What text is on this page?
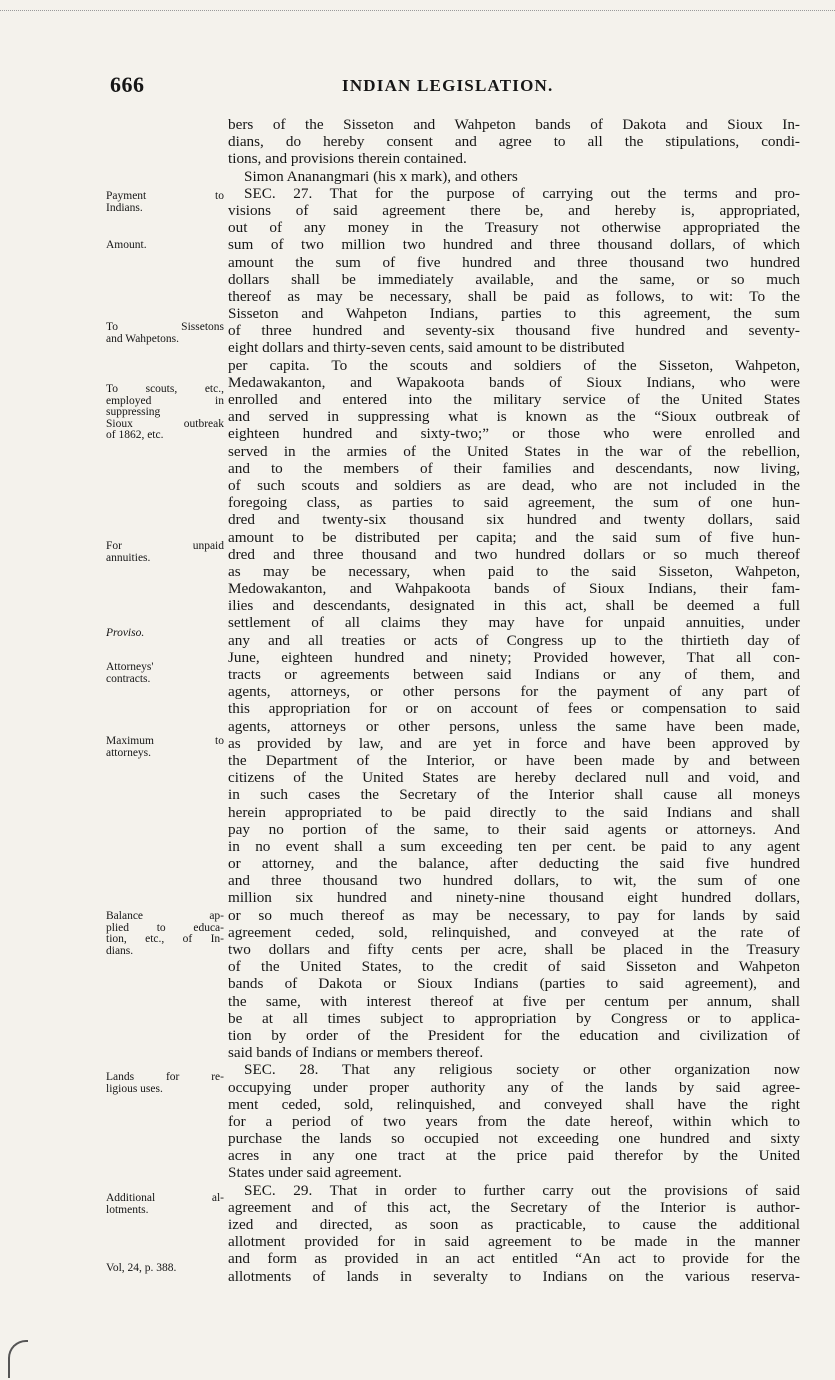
666	INDIAN LEGISLATION.
bers of the Sisseton and Wahpeton bands of Dakota and Sioux In-
dians, do hereby consent and agree to all the stipulations, condi-
tions, and provisions therein contained.
Simon Ananangmari (his x mark), and others
SEC. 27. That for the purpose of carrying out the terms and pro-
visions of said agreement there be, and hereby is, appropriated,
out of any money in the Treasury not otherwise appropriated the
sum of two million two hundred and three thousand dollars, of which
amount the sum of five hundred and three thousand two hundred
dollars shall be immediately available, and the same, or so much
thereof as may be necessary, shall be paid as follows, to wit: To the
Sisseton and Wahpeton Indians, parties to this agreement, the sum
of three hundred and seventy-six thousand five hundred and seventy-
eight dollars and thirty-seven cents, said amount to be distributed
per capita. To the scouts and soldiers of the Sisseton, Wahpeton,
Medawakanton, and Wapakoota bands of Sioux Indians, who were
enrolled and entered into the military service of the United States
and served in suppressing what is known as the “Sioux outbreak of
eighteen hundred and sixty-two;” or those who were enrolled and
served in the armies of the United States in the war of the rebellion,
and to the members of their families and descendants, now living,
of such scouts and soldiers as are dead, who are not included in the
foregoing class, as parties to said agreement, the sum of one hun-
dred and twenty-six thousand six hundred and twenty dollars, said
amount to be distributed per capita; and the said sum of five hun-
dred and three thousand and two hundred dollars or so much thereof
as may be necessary, when paid to the said Sisseton, Wahpeton,
Medowakanton, and Wahpakoota bands of Sioux Indians, their fam-
ilies and descendants, designated in this act, shall be deemed a full
settlement of all claims they may have for unpaid annuities, under
any and all treaties or acts of Congress up to the thirtieth day of
June, eighteen hundred and ninety; Provided however, That all con-
tracts or agreements between said Indians or any of them, and
agents, attorneys, or other persons for the payment of any part of
this appropriation for or on account of fees or compensation to said
agents, attorneys or other persons, unless the same have been made,
as provided by law, and are yet in force and have been approved by
the Department of the Interior, or have been made by and between
citizens of the United States are hereby declared null and void, and
in such cases the Secretary of the Interior shall cause all moneys
herein appropriated to be paid directly to the said Indians and shall
pay no portion of the same, to their said agents or attorneys. And
in no event shall a sum exceeding ten per cent. be paid to any agent
or attorney, and the balance, after deducting the said five hundred
and three thousand two hundred dollars, to wit, the sum of one
million six hundred and ninety-nine thousand eight hundred dollars,
or so much thereof as may be necessary, to pay for lands by said
agreement ceded, sold, relinquished, and conveyed at the rate of
two dollars and fifty cents per acre, shall be placed in the Treasury
of the United States, to the credit of said Sisseton and Wahpeton
bands of Dakota or Sioux Indians (parties to said agreement), and
the same, with interest thereof at five per centum per annum, shall
be at all times subject to appropriation by Congress or to applica-
tion by order of the President for the education and civilization of
said bands of Indians or members thereof.
SEC. 28. That any religious society or other organization now
occupying under proper authority any of the lands by said agree-
ment ceded, sold, relinquished, and conveyed shall have the right
for a period of two years from the date hereof, within which to
purchase the lands so occupied not exceeding one hundred and sixty
acres in any one tract at the price paid therefor by the United
States under said agreement.
SEC. 29. That in order to further carry out the provisions of said
agreement and of this act, the Secretary of the Interior is author-
ized and directed, as soon as practicable, to cause the additional
allotment provided for in said agreement to be made in the manner
and form as provided in an act entitled “An act to provide for the
allotments of lands in severalty to Indians on the various reserva-
Payment to
Indians.
Amount.
To Sissetons
and Wahpetons.
To scouts, etc.,
employed in
suppressing
Sioux outbreak
of 1862, etc.
For unpaid
annuities.
Proviso.
Attorneys'
contracts.
Maximum to
attorneys.
Balance ap-
plied to educa-
tion, etc., of In-
dians.
Lands for re-
ligious uses.
Additional al-
lotments.
Vol, 24, p. 388.
